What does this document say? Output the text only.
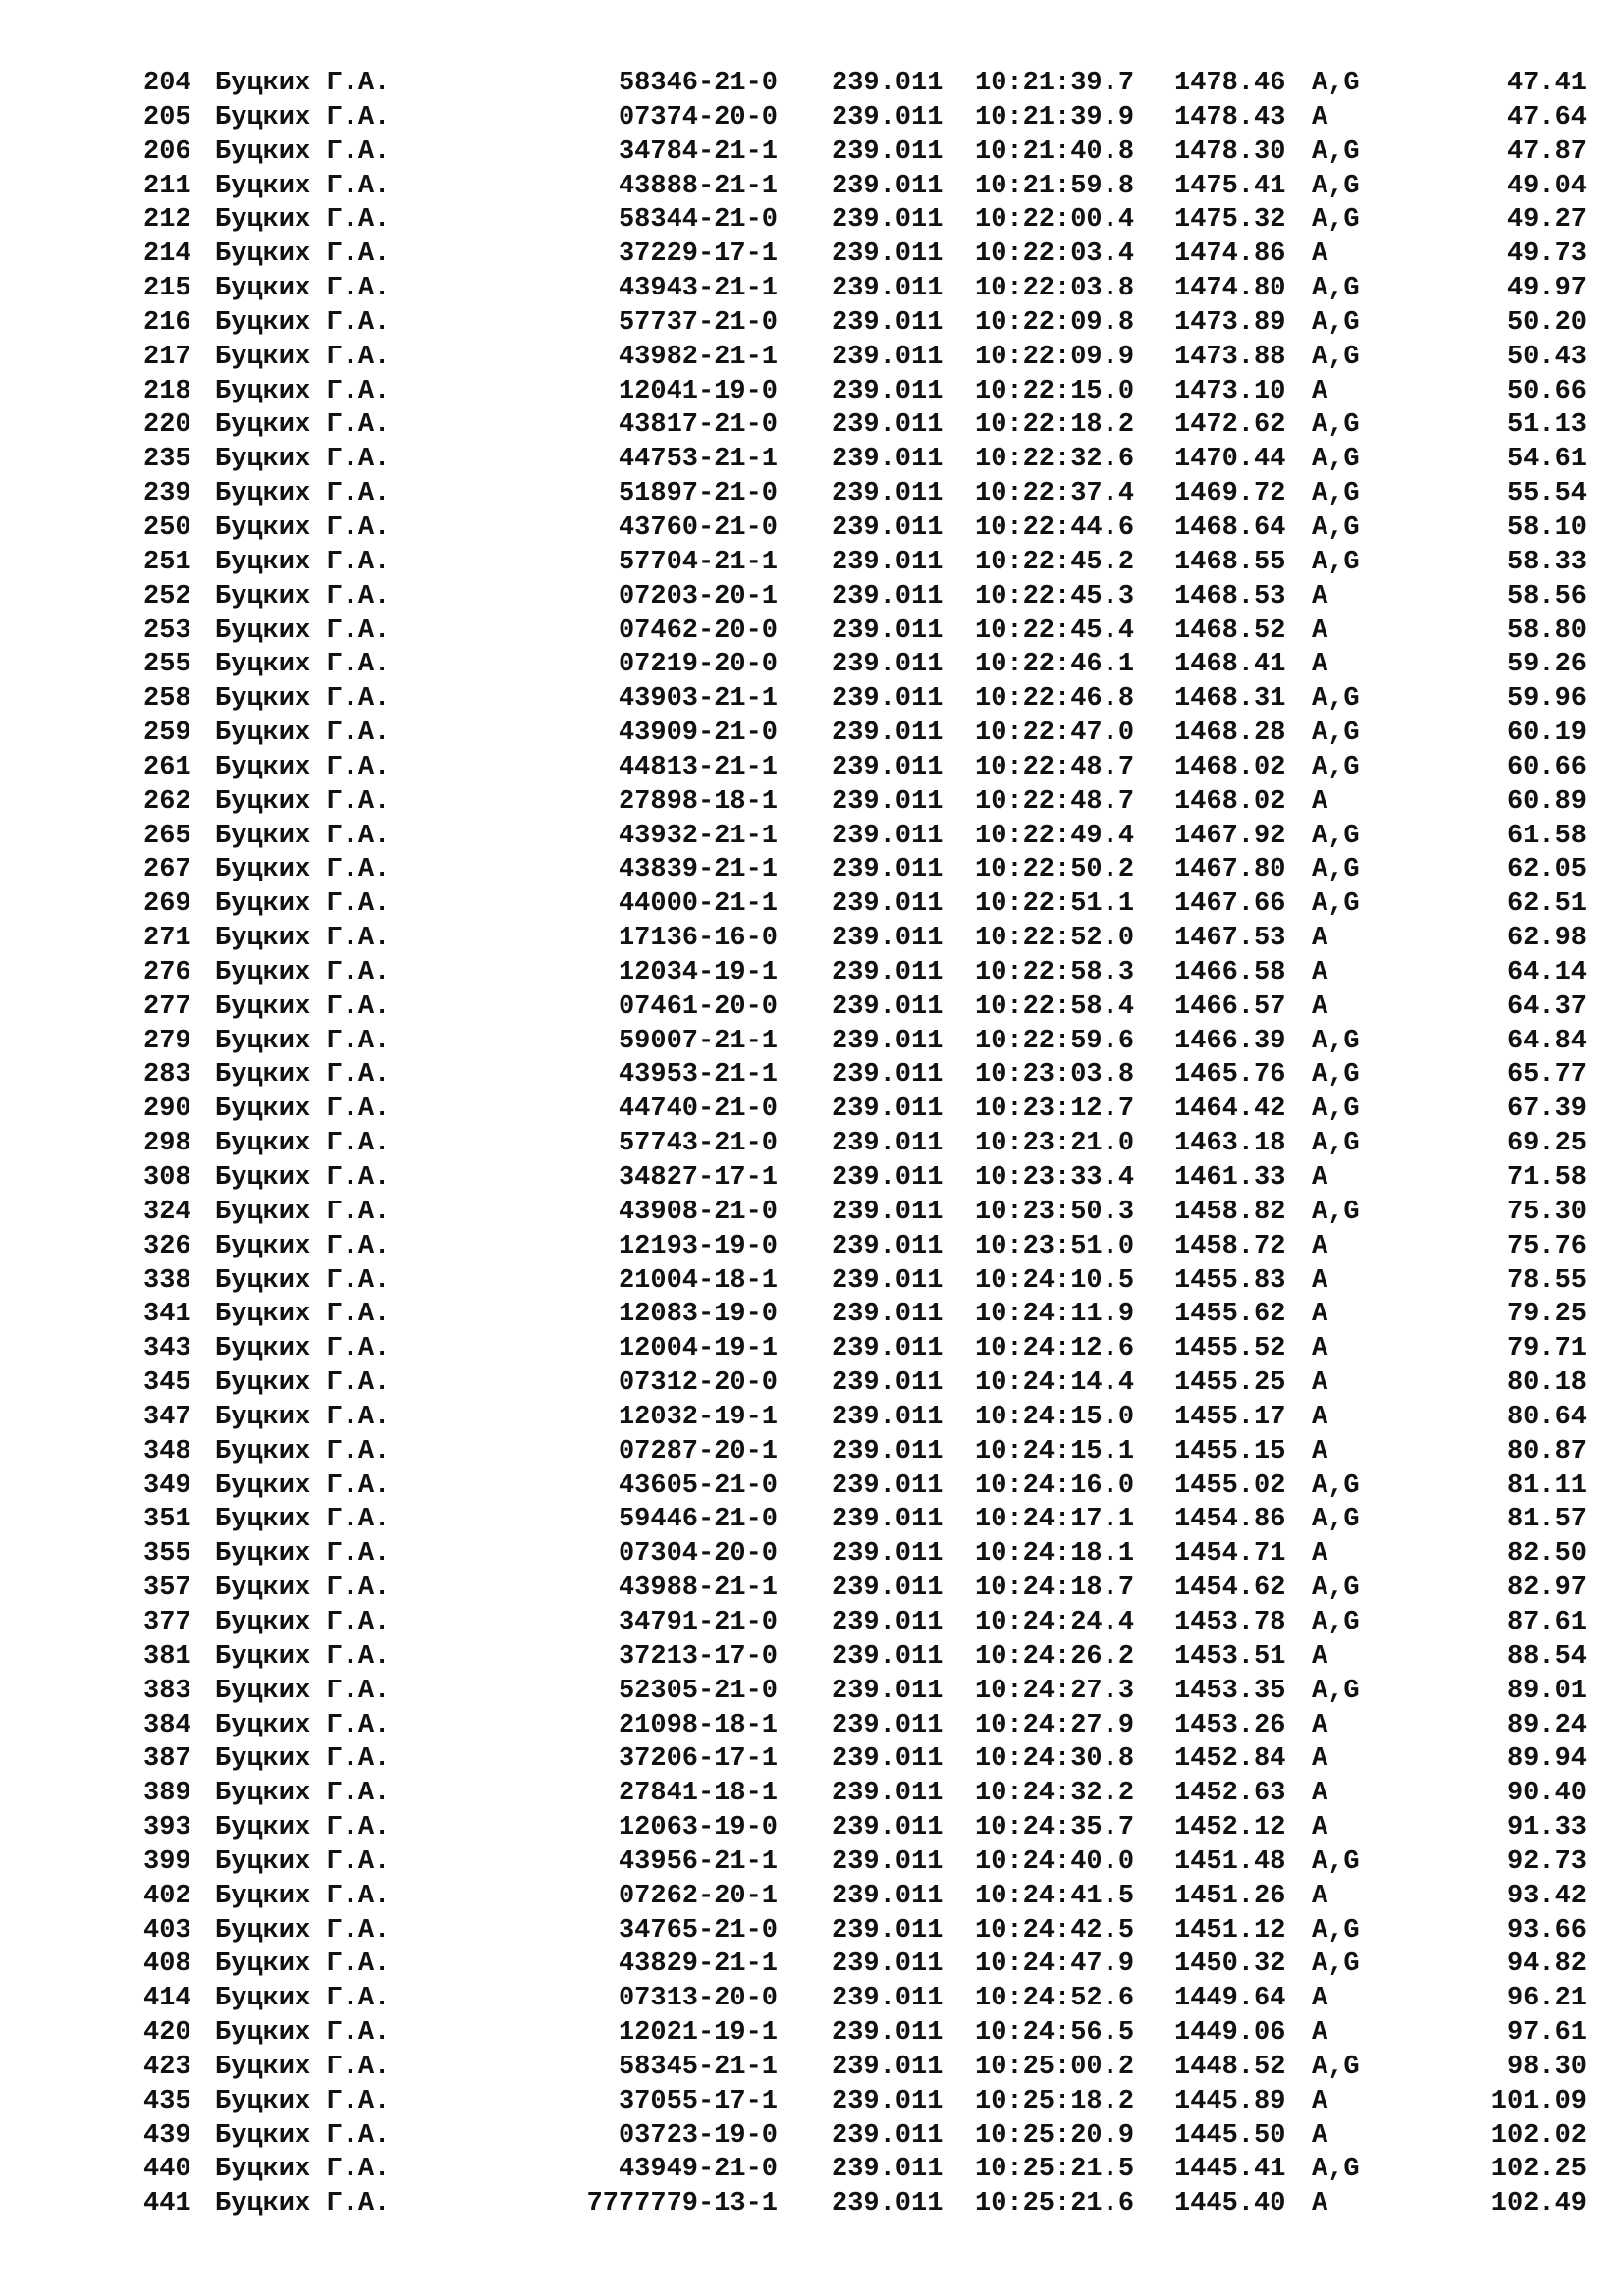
204 Буцких Г.А.	58346-21-0 239.011 10:21:39.7 1478.46 A,G	47.41
205 Буцких Г.А.	07374-20-0 239.011 10:21:39.9 1478.43 A	47.64
206 Буцких Г.А.	34784-21-1 239.011 10:21:40.8 1478.30 A,G	47.87
211 Буцких Г.А.	43888-21-1 239.011 10:21:59.8 1475.41 A,G	49.04
212 Буцких Г.А.	58344-21-0 239.011 10:22:00.4 1475.32 A,G	49.27
214 Буцких Г.А.	37229-17-1 239.011 10:22:03.4 1474.86 A	49.73
215 Буцких Г.А.	43943-21-1 239.011 10:22:03.8 1474.80 A,G	49.97
216 Буцких Г.А.	57737-21-0 239.011 10:22:09.8 1473.89 A,G	50.20
217 Буцких Г.А.	43982-21-1 239.011 10:22:09.9 1473.88 A,G	50.43
218 Буцких Г.А.	12041-19-0 239.011 10:22:15.0 1473.10 A	50.66
220 Буцких Г.А.	43817-21-0 239.011 10:22:18.2 1472.62 A,G	51.13
235 Буцких Г.А.	44753-21-1 239.011 10:22:32.6 1470.44 A,G	54.61
239 Буцких Г.А.	51897-21-0 239.011 10:22:37.4 1469.72 A,G	55.54
250 Буцких Г.А.	43760-21-0 239.011 10:22:44.6 1468.64 A,G	58.10
251 Буцких Г.А.	57704-21-1 239.011 10:22:45.2 1468.55 A,G	58.33
252 Буцких Г.А.	07203-20-1 239.011 10:22:45.3 1468.53 A	58.56
253 Буцких Г.А.	07462-20-0 239.011 10:22:45.4 1468.52 A	58.80
255 Буцких Г.А.	07219-20-0 239.011 10:22:46.1 1468.41 A	59.26
258 Буцких Г.А.	43903-21-1 239.011 10:22:46.8 1468.31 A,G	59.96
259 Буцких Г.А.	43909-21-0 239.011 10:22:47.0 1468.28 A,G	60.19
261 Буцких Г.А.	44813-21-1 239.011 10:22:48.7 1468.02 A,G	60.66
262 Буцких Г.А.	27898-18-1 239.011 10:22:48.7 1468.02 A	60.89
265 Буцких Г.А.	43932-21-1 239.011 10:22:49.4 1467.92 A,G	61.58
267 Буцких Г.А.	43839-21-1 239.011 10:22:50.2 1467.80 A,G	62.05
269 Буцких Г.А.	44000-21-1 239.011 10:22:51.1 1467.66 A,G	62.51
271 Буцких Г.А.	17136-16-0 239.011 10:22:52.0 1467.53 A	62.98
276 Буцких Г.А.	12034-19-1 239.011 10:22:58.3 1466.58 A	64.14
277 Буцких Г.А.	07461-20-0 239.011 10:22:58.4 1466.57 A	64.37
279 Буцких Г.А.	59007-21-1 239.011 10:22:59.6 1466.39 A,G	64.84
283 Буцких Г.А.	43953-21-1 239.011 10:23:03.8 1465.76 A,G	65.77
290 Буцких Г.А.	44740-21-0 239.011 10:23:12.7 1464.42 A,G	67.39
298 Буцких Г.А.	57743-21-0 239.011 10:23:21.0 1463.18 A,G	69.25
308 Буцких Г.А.	34827-17-1 239.011 10:23:33.4 1461.33 A	71.58
324 Буцких Г.А.	43908-21-0 239.011 10:23:50.3 1458.82 A,G	75.30
326 Буцких Г.А.	12193-19-0 239.011 10:23:51.0 1458.72 A	75.76
338 Буцких Г.А.	21004-18-1 239.011 10:24:10.5 1455.83 A	78.55
341 Буцких Г.А.	12083-19-0 239.011 10:24:11.9 1455.62 A	79.25
343 Буцких Г.А.	12004-19-1 239.011 10:24:12.6 1455.52 A	79.71
345 Буцких Г.А.	07312-20-0 239.011 10:24:14.4 1455.25 A	80.18
347 Буцких Г.А.	12032-19-1 239.011 10:24:15.0 1455.17 A	80.64
348 Буцких Г.А.	07287-20-1 239.011 10:24:15.1 1455.15 A	80.87
349 Буцких Г.А.	43605-21-0 239.011 10:24:16.0 1455.02 A,G	81.11
351 Буцких Г.А.	59446-21-0 239.011 10:24:17.1 1454.86 A,G	81.57
355 Буцких Г.А.	07304-20-0 239.011 10:24:18.1 1454.71 A	82.50
357 Буцких Г.А.	43988-21-1 239.011 10:24:18.7 1454.62 A,G	82.97
377 Буцких Г.А.	34791-21-0 239.011 10:24:24.4 1453.78 A,G	87.61
381 Буцких Г.А.	37213-17-0 239.011 10:24:26.2 1453.51 A	88.54
383 Буцких Г.А.	52305-21-0 239.011 10:24:27.3 1453.35 A,G	89.01
384 Буцких Г.А.	21098-18-1 239.011 10:24:27.9 1453.26 A	89.24
387 Буцких Г.А.	37206-17-1 239.011 10:24:30.8 1452.84 A	89.94
389 Буцких Г.А.	27841-18-1 239.011 10:24:32.2 1452.63 A	90.40
393 Буцких Г.А.	12063-19-0 239.011 10:24:35.7 1452.12 A	91.33
399 Буцких Г.А.	43956-21-1 239.011 10:24:40.0 1451.48 A,G	92.73
402 Буцких Г.А.	07262-20-1 239.011 10:24:41.5 1451.26 A	93.42
403 Буцких Г.А.	34765-21-0 239.011 10:24:42.5 1451.12 A,G	93.66
408 Буцких Г.А.	43829-21-1 239.011 10:24:47.9 1450.32 A,G	94.82
414 Буцких Г.А.	07313-20-0 239.011 10:24:52.6 1449.64 A	96.21
420 Буцких Г.А.	12021-19-1 239.011 10:24:56.5 1449.06 A	97.61
423 Буцких Г.А.	58345-21-1 239.011 10:25:00.2 1448.52 A,G	98.30
435 Буцких Г.А.	37055-17-1 239.011 10:25:18.2 1445.89 A	101.09
439 Буцких Г.А.	03723-19-0 239.011 10:25:20.9 1445.50 A	102.02
440 Буцких Г.А.	43949-21-0 239.011 10:25:21.5 1445.41 A,G	102.25
441 Буцких Г.А.	7777779-13-1 239.011 10:25:21.6 1445.40 A	102.49
